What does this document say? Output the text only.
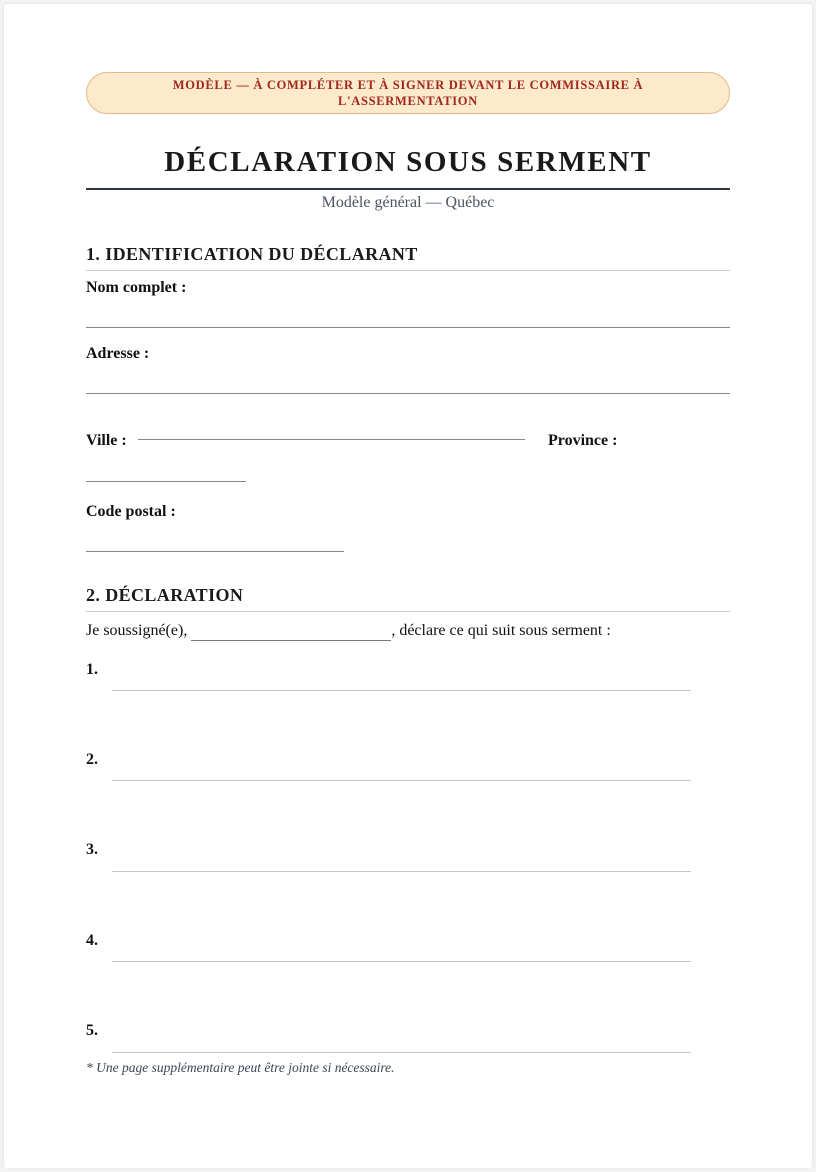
MODÈLE — À COMPLÉTER ET À SIGNER DEVANT LE COMMISSAIRE À L'ASSERMENTATION
DÉCLARATION SOUS SERMENT
Modèle général — Québec
1. IDENTIFICATION DU DÉCLARANT
Nom complet :
Adresse :
Ville :	Province :
Code postal :
2. DÉCLARATION
Je soussigné(e),	, déclare ce qui suit sous serment :
1.
2.
3.
4.
5.
* Une page supplémentaire peut être jointe si nécessaire.
